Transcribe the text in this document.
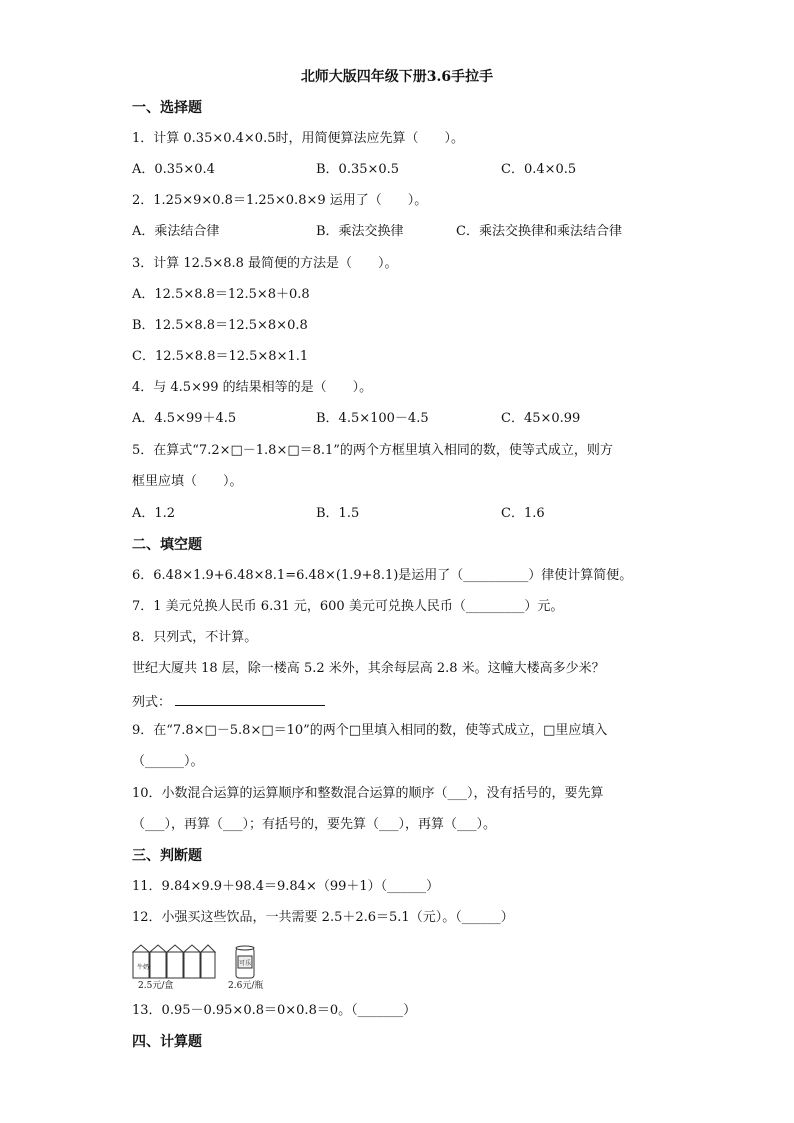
北师大版四年级下册3.6手拉手
一、选择题
1．计算 0.35×0.4×0.5时，用简便算法应先算（　　）。
A．0.35×0.4	B．0.35×0.5	C．0.4×0.5
2．1.25×9×0.8＝1.25×0.8×9 运用了（　　）。
A．乘法结合律	B．乘法交换律	C．乘法交换律和乘法结合律
3．计算 12.5×8.8 最简便的方法是（　　）。
A．12.5×8.8＝12.5×8＋0.8
B．12.5×8.8＝12.5×8×0.8
C．12.5×8.8＝12.5×8×1.1
4．与 4.5×99 的结果相等的是（　　）。
A．4.5×99＋4.5	B．4.5×100－4.5	C．45×0.99
5．在算式“7.2×□－1.8×□＝8.1”的两个方框里填入相同的数，使等式成立，则方
框里应填（　　）。
A．1.2	B．1.5	C．1.6
二、填空题
6．6.48×1.9+6.48×8.1=6.48×(1.9+8.1)是运用了（__________）律使计算简便。
7．1 美元兑换人民币 6.31 元，600 美元可兑换人民币（_________）元。
8．只列式，不计算。
世纪大厦共 18 层，除一楼高 5.2 米外，其余每层高 2.8 米。这幢大楼高多少米？
列式：
9．在“7.8×□－5.8×□＝10”的两个□里填入相同的数，使等式成立，□里应填入
（______）。
10．小数混合运算的运算顺序和整数混合运算的顺序（___），没有括号的，要先算
（___），再算（___）；有括号的，要先算（___），再算（___）。
三、判断题
11．9.84×9.9＋98.4＝9.84×（99＋1）（______）
12．小强买这些饮品，一共需要 2.5＋2.6＝5.1（元）。（______）
牛奶
可乐
2.5元/盒	2.6元/瓶
13．0.95－0.95×0.8＝0×0.8＝0。（_______）
四、计算题
